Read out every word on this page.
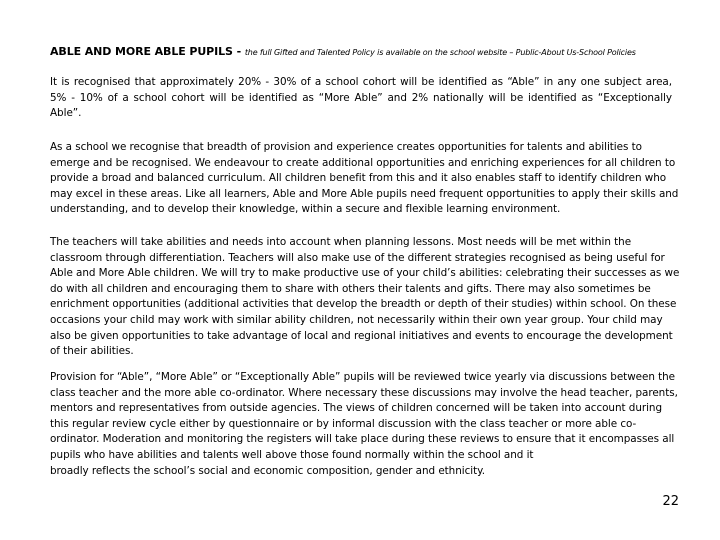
ABLE AND MORE ABLE PUPILS - the full Gifted and Talented Policy is available on the school website – Public-About Us-School Policies

It is recognised that approximately 20% - 30% of a school cohort will be identified as “Able” in any one subject area, 5% - 10% of a school cohort will be identified as “More Able” and 2% nationally will be identified as “Exceptionally Able”.

As a school we recognise that breadth of provision and experience creates opportunities for talents and abilities to emerge and be recognised. We endeavour to create additional opportunities and enriching experiences for all children to provide a broad and balanced curriculum. All children benefit from this and it also enables staff to identify children who may excel in these areas. Like all learners, Able and More Able pupils need frequent opportunities to apply their skills and understanding, and to develop their knowledge, within a secure and flexible learning environment.

The teachers will take abilities and needs into account when planning lessons. Most needs will be met within the classroom through differentiation. Teachers will also make use of the different strategies recognised as being useful for Able and More Able children. We will try to make productive use of your child’s abilities: celebrating their successes as we do with all children and encouraging them to share with others their talents and gifts. There may also sometimes be enrichment opportunities (additional activities that develop the breadth or depth of their studies) within school. On these occasions your child may work with similar ability children, not necessarily within their own year group. Your child may also be given opportunities to take advantage of local and regional initiatives and events to encourage the development of their abilities.

Provision for “Able”, “More Able” or “Exceptionally Able” pupils will be reviewed twice yearly via discussions between the class teacher and the more able co-ordinator. Where necessary these discussions may involve the head teacher, parents, mentors and representatives from outside agencies. The views of children concerned will be taken into account during this regular review cycle either by questionnaire or by informal discussion with the class teacher or more able co-ordinator. Moderation and monitoring the registers will take place during these reviews to ensure that it encompasses all pupils who have abilities and talents well above those found normally within the school and it

broadly reflects the school’s social and economic composition, gender and ethnicity.

22
